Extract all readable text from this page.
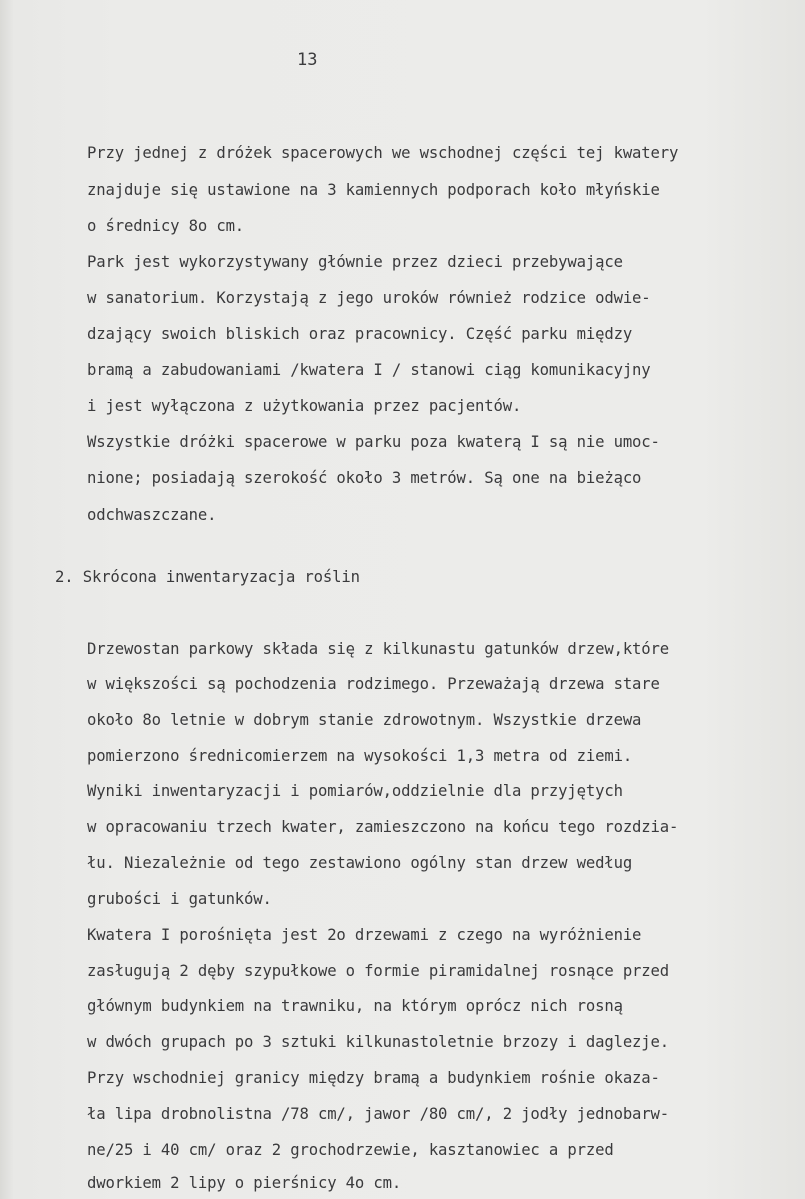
13
Przy jednej z dróżek spacerowych we wschodnej części tej kwatery
znajduje się ustawione na 3 kamiennych podporach koło młyńskie
o średnicy 8o cm.
Park jest wykorzystywany głównie przez dzieci przebywające
w sanatorium. Korzystają z jego uroków również rodzice odwie-
dzający swoich bliskich oraz pracownicy. Część parku między
bramą a zabudowaniami /kwatera I / stanowi ciąg komunikacyjny
i jest wyłączona z użytkowania przez pacjentów.
Wszystkie dróżki spacerowe w parku poza kwaterą I są nie umoc-
nione; posiadają szerokość około 3 metrów. Są one na bieżąco
odchwaszczane.
2. Skrócona inwentaryzacja roślin
Drzewostan parkowy składa się z kilkunastu gatunków drzew,które
w większości są pochodzenia rodzimego. Przeważają drzewa stare
około 8o letnie w dobrym stanie zdrowotnym. Wszystkie drzewa
pomierzono średnicomierzem na wysokości 1,3 metra od ziemi.
Wyniki inwentaryzacji i pomiarów,oddzielnie dla przyjętych
w opracowaniu trzech kwater, zamieszczono na końcu tego rozdzia-
łu. Niezależnie od tego zestawiono ogólny stan drzew według
grubości i gatunków.
Kwatera I porośnięta jest 2o drzewami z czego na wyróżnienie
zasługują 2 dęby szypułkowe o formie piramidalnej rosnące przed
głównym budynkiem na trawniku, na którym oprócz nich rosną
w dwóch grupach po 3 sztuki kilkunastoletnie brzozy i daglezje.
Przy wschodniej granicy między bramą a budynkiem rośnie okaza-
ła lipa drobnolistna /78 cm/, jawor /80 cm/, 2 jodły jednobarw-
ne/25 i 40 cm/ oraz 2 grochodrzewie, kasztanowiec a przed
dworkiem 2 lipy o pierśnicy 4o cm.
